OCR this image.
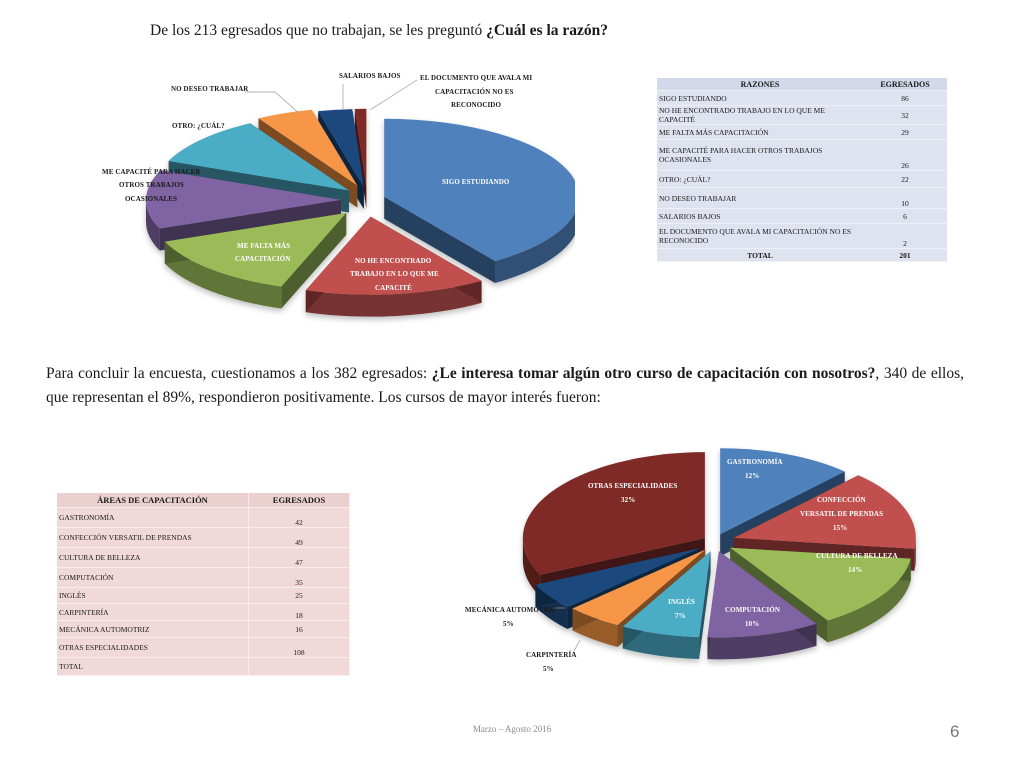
De los 213 egresados que no trabajan, se les preguntó ¿Cuál es la razón?
NO DESEO TRABAJAR
SALARIOS BAJOS	EL DOCUMENTO QUE AVALA MI
CAPACITACIÓN NO ES
RECONOCIDO
OTRO: ¿CUÁL?
ME CAPACITÉ PARA HACER
OTROS TRABAJOS
OCASIONALES
SIGO ESTUDIANDO
ME FALTA MÁS
CAPACITACIÓN	NO HE ENCONTRADO
TRABAJO EN LO QUE ME
CAPACITÉ
RAZONES	EGRESADOS
SIGO ESTUDIANDO	86
NO HE ENCONTRADO TRABAJO EN LO QUE ME CAPACITÉ	32
ME FALTA MÁS CAPACITACIÓN	29
ME CAPACITÉ PARA HACER OTROS TRABAJOS OCASIONALES	26
OTRO: ¿CUÁL?	22
NO DESEO TRABAJAR	10
SALARIOS BAJOS	6
EL DOCUMENTO QUE AVALA MI CAPACITACIÓN NO ES RECONOCIDO	2
TOTAL	201
Para concluir la encuesta, cuestionamos a los 382 egresados: ¿Le interesa tomar algún otro curso de capacitación con nosotros?, 340 de ellos, que representan el 89%, respondieron positivamente. Los cursos de mayor interés fueron:
ÁREAS DE CAPACITACIÓN	EGRESADOS
GASTRONOMÍA	42
CONFECCIÓN VERSATIL DE PRENDAS	49
CULTURA DE BELLEZA	47
COMPUTACIÓN	35
INGLÉS	25
CARPINTERÍA	18
MECÁNICA AUTOMOTRIZ	16
OTRAS ESPECIALIDADES	108
TOTAL	
GASTRONOMÍA
12%
CONFECCIÓN
VERSATIL DE PRENDAS
15%
CULTURA DE BELLEZA
14%
COMPUTACIÓN
10%
INGLÉS
7%
OTRAS ESPECIALIDADES
32%
MECÁNICA AUTOMOTRIZ
5%
CARPINTERÍA
5%
Marzo – Agosto 2016	6
